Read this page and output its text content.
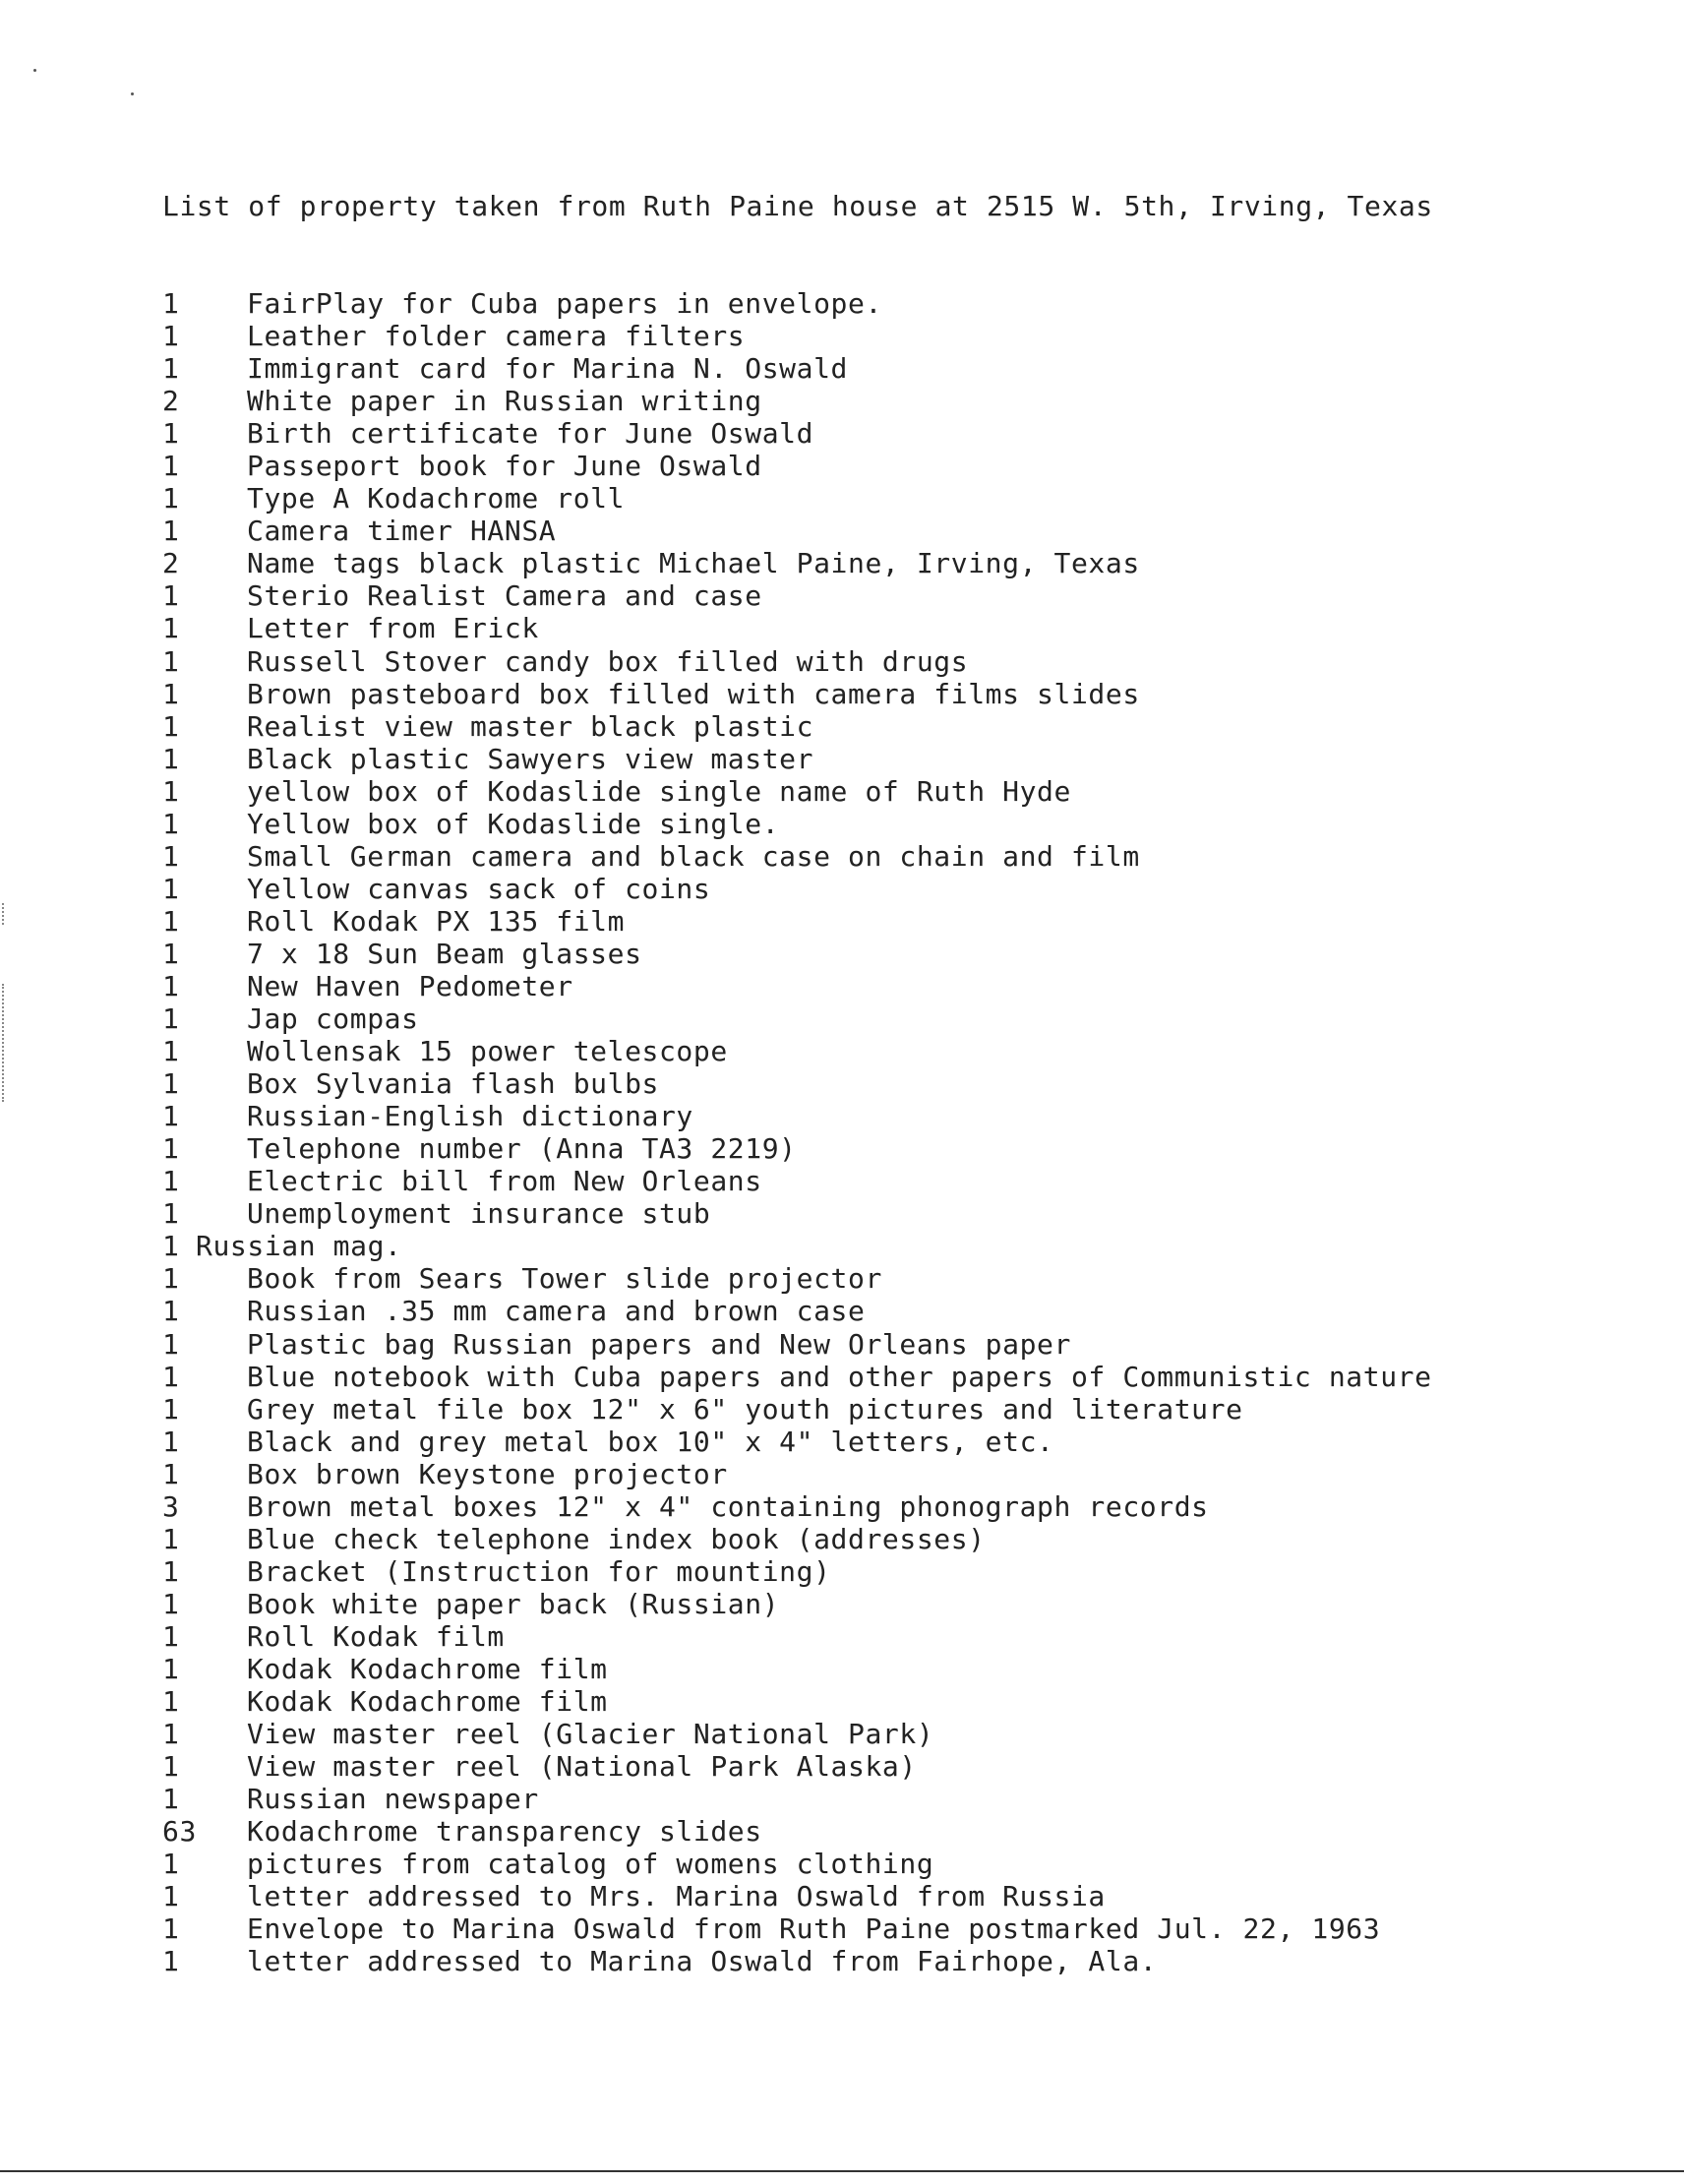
List of property taken from Ruth Paine house at 2515 W. 5th, Irving, Texas
1 FairPlay for Cuba papers in envelope.
1 Leather folder camera filters
1 Immigrant card for Marina N. Oswald
2 White paper in Russian writing
1 Birth certificate for June Oswald
1 Passeport book for June Oswald
1 Type A Kodachrome roll
1 Camera timer HANSA
2 Name tags black plastic Michael Paine, Irving, Texas
1 Sterio Realist Camera and case
1 Letter from Erick
1 Russell Stover candy box filled with drugs
1 Brown pasteboard box filled with camera films slides
1 Realist view master black plastic
1 Black plastic Sawyers view master
1 yellow box of Kodaslide single name of Ruth Hyde
1 Yellow box of Kodaslide single.
1 Small German camera and black case on chain and film
1 Yellow canvas sack of coins
1 Roll Kodak PX 135 film
1 7 x 18 Sun Beam glasses
1 New Haven Pedometer
1 Jap compas
1 Wollensak 15 power telescope
1 Box Sylvania flash bulbs
1 Russian-English dictionary
1 Telephone number (Anna TA3 2219)
1 Electric bill from New Orleans
1 Unemployment insurance stub
1 Russian mag.
1 Book from Sears Tower slide projector
1 Russian .35 mm camera and brown case
1 Plastic bag Russian papers and New Orleans paper
1 Blue notebook with Cuba papers and other papers of Communistic nature
1 Grey metal file box 12" x 6" youth pictures and literature
1 Black and grey metal box 10" x 4" letters, etc.
1 Box brown Keystone projector
3 Brown metal boxes 12" x 4" containing phonograph records
1 Blue check telephone index book (addresses)
1 Bracket (Instruction for mounting)
1 Book white paper back (Russian)
1 Roll Kodak film
1 Kodak Kodachrome film
1 Kodak Kodachrome film
1 View master reel (Glacier National Park)
1 View master reel (National Park Alaska)
1 Russian newspaper
63 Kodachrome transparency slides
1 pictures from catalog of womens clothing
1 letter addressed to Mrs. Marina Oswald from Russia
1 Envelope to Marina Oswald from Ruth Paine postmarked Jul. 22, 1963
1 letter addressed to Marina Oswald from Fairhope, Ala.
